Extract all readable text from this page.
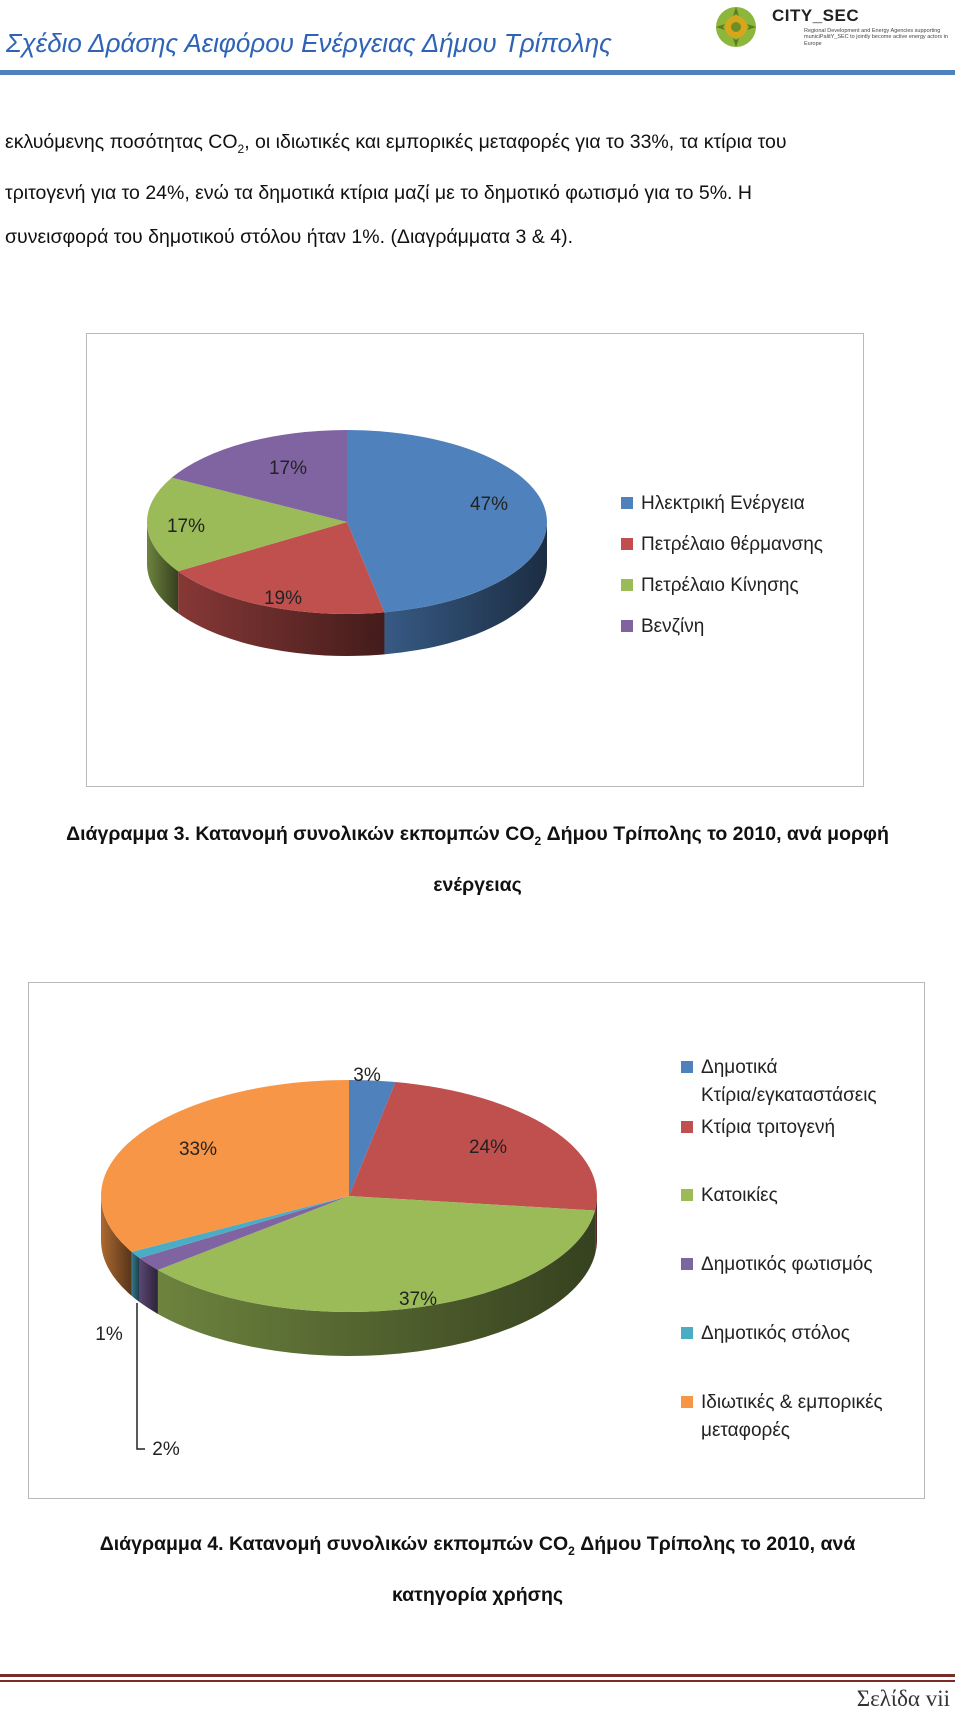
Σχέδιο Δράσης Αειφόρου Ενέργειας Δήμου Τρίπολης
CITY_SEC
Regional Development and Energy Agencies supporting municiPalitY_SEC to jointly become active energy actors in Europe
εκλυόμενης ποσότητας $CO_2$, οι ιδιωτικές και εμπορικές μεταφορές για το 33%, τα κτίρια του
τριτογενή για το 24%, ενώ τα δημοτικά κτίρια μαζί με το δημοτικό φωτισμό για το 5%. Η
συνεισφορά του δημοτικού στόλου ήταν 1%. (Διαγράμματα 3 & 4).
47%
19%
17%
17%
Ηλεκτρική Ενέργεια
Πετρέλαιο θέρμανσης
Πετρέλαιο Κίνησης
Βενζίνη
Διάγραμμα 3. Κατανομή συνολικών εκπομπών $CO_2$ Δήμου Τρίπολης το 2010, ανά μορφή
ενέργειας
3%
24%
37%
2%
1%
33%
Δημοτικά
Κτίρια/εγκαταστάσεις
Κτίρια τριτογενή
Κατοικίες
Δημοτικός φωτισμός
Δημοτικός στόλος
Ιδιωτικές & εμπορικές
μεταφορές
Διάγραμμα 4. Κατανομή συνολικών εκπομπών $CO_2$ Δήμου Τρίπολης το 2010, ανά
κατηγορία χρήσης
Σελίδα vii
